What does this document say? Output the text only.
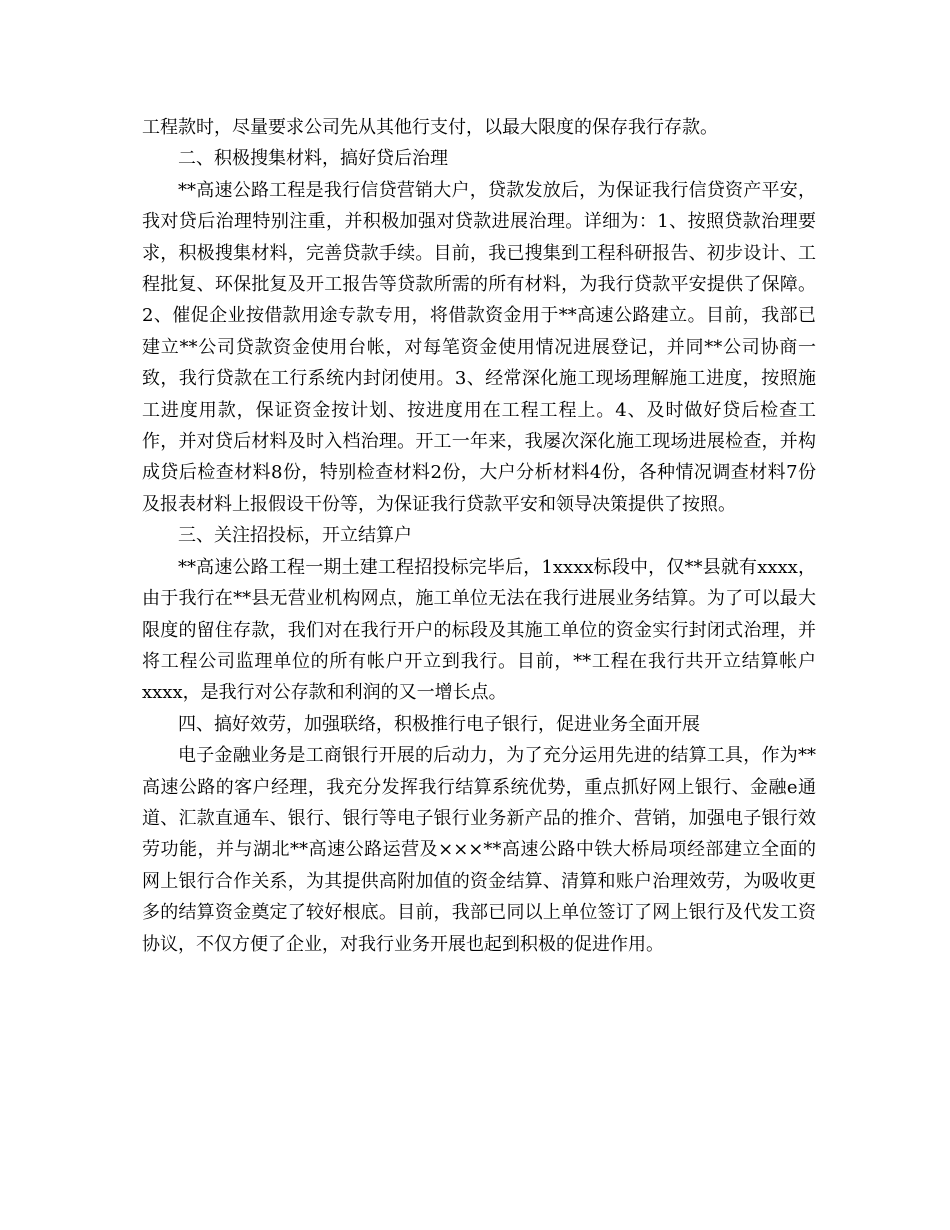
工程款时，尽量要求公司先从其他行支付，以最大限度的保存我行存款。

二、积极搜集材料，搞好贷后治理

**高速公路工程是我行信贷营销大户，贷款发放后，为保证我行信贷资产平安，我对贷后治理特别注重，并积极加强对贷款进展治理。详细为：1、按照贷款治理要求，积极搜集材料，完善贷款手续。目前，我已搜集到工程科研报告、初步设计、工程批复、环保批复及开工报告等贷款所需的所有材料，为我行贷款平安提供了保障。2、催促企业按借款用途专款专用，将借款资金用于**高速公路建立。目前，我部已建立**公司贷款资金使用台帐，对每笔资金使用情况进展登记，并同**公司协商一致，我行贷款在工行系统内封闭使用。3、经常深化施工现场理解施工进度，按照施工进度用款，保证资金按计划、按进度用在工程工程上。4、及时做好贷后检查工作，并对贷后材料及时入档治理。开工一年来，我屡次深化施工现场进展检查，并构成贷后检查材料8份，特别检查材料2份，大户分析材料4份，各种情况调查材料7份及报表材料上报假设干份等，为保证我行贷款平安和领导决策提供了按照。

三、关注招投标，开立结算户

**高速公路工程一期土建工程招投标完毕后，1xxxx标段中，仅**县就有xxxx，由于我行在**县无营业机构网点，施工单位无法在我行进展业务结算。为了可以最大限度的留住存款，我们对在我行开户的标段及其施工单位的资金实行封闭式治理，并将工程公司监理单位的所有帐户开立到我行。目前，**工程在我行共开立结算帐户xxxx，是我行对公存款和利润的又一增长点。

四、搞好效劳，加强联络，积极推行电子银行，促进业务全面开展

电子金融业务是工商银行开展的后动力，为了充分运用先进的结算工具，作为**高速公路的客户经理，我充分发挥我行结算系统优势，重点抓好网上银行、金融e通道、汇款直通车、银行、银行等电子银行业务新产品的推介、营销，加强电子银行效劳功能，并与湖北**高速公路运营及×××**高速公路中铁大桥局项经部建立全面的网上银行合作关系，为其提供高附加值的资金结算、清算和账户治理效劳，为吸收更多的结算资金奠定了较好根底。目前，我部已同以上单位签订了网上银行及代发工资协议，不仅方便了企业，对我行业务开展也起到积极的促进作用。
